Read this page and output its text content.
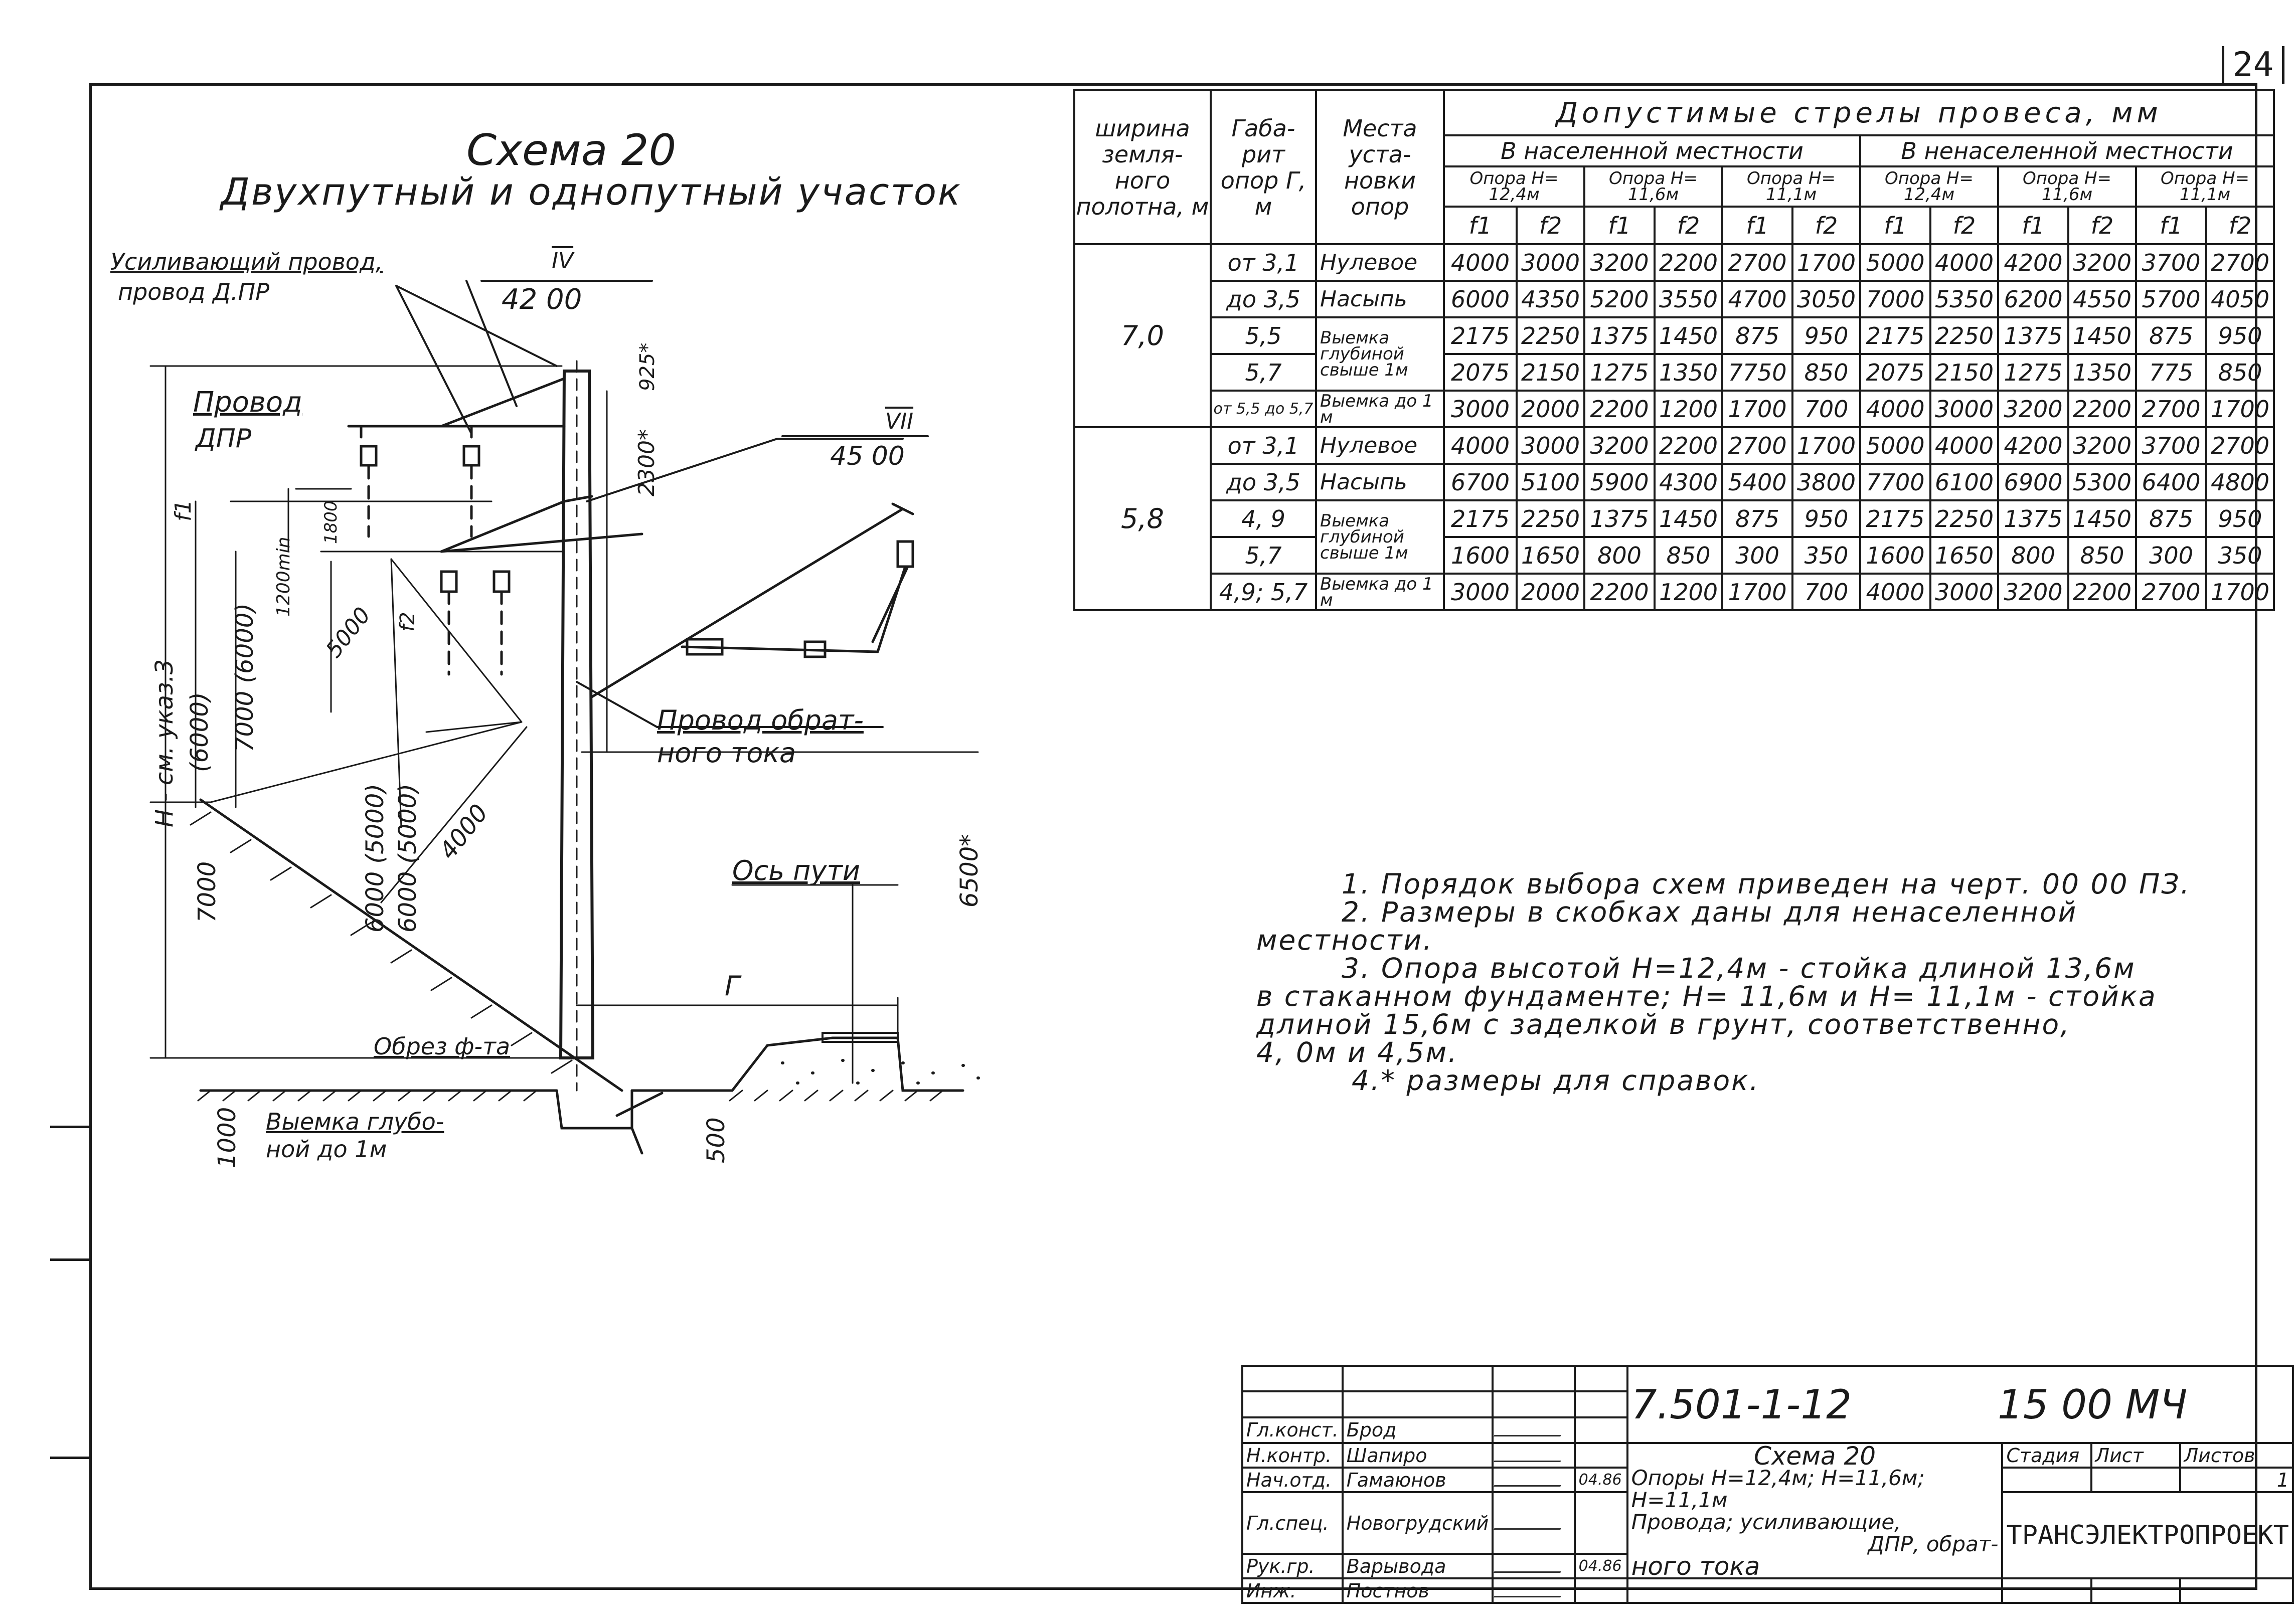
24
Схема 20
Двухпутный и однопутный участок
Усиливающий провод,
провод Д.ПР
$\overline{IV}$
42 00
Провод
ДПР
$\overline{VII}$
45 00
Провод обрат-
ного тока
Ось пути
Г
Обрез ф-та
Выемка глубо-
ной до 1м
925*
2300*
f1	1800
1200min
5000 f2
4000
7000 (6000)
(6000)
H - см. указ.3
7000	6000 (5000) 6000 (5000)	6500*
1000	500
ширина земля-ного полотна, м	Габа-рит опор Г, м	Места уста-новки опор	Допустимые стрелы провеса, мм											
			В населенной местности						В ненаселенной местности					
			Опора H= 12,4м		Опора H= 11,6м		Опора H= 11,1м		Опора H= 12,4м		Опора H= 11,6м		Опора H= 11,1м	
			f1	f2	f1	f2	f1	f2	f1	f2	f1	f2	f1	f2
7,0	от 3,1	Нулевое	4000	3000	3200	2200	2700	1700	5000	4000	4200	3200	3700	2700
	до 3,5	Насыпь	6000	4350	5200	3550	4700	3050	7000	5350	6200	4550	5700	4050
	5,5	Выемка глубиной свыше 1м	2175	2250	1375	1450	875	950	2175	2250	1375	1450	875	950
	5,7		2075	2150	1275	1350	7750	850	2075	2150	1275	1350	775	850
	от 5,5 до 5,7	Выемка до 1 м	3000	2000	2200	1200	1700	700	4000	3000	3200	2200	2700	1700
5,8	от 3,1	Нулевое	4000	3000	3200	2200	2700	1700	5000	4000	4200	3200	3700	2700
	до 3,5	Насыпь	6700	5100	5900	4300	5400	3800	7700	6100	6900	5300	6400	4800
	4, 9	Выемка глубиной свыше 1м	2175	2250	1375	1450	875	950	2175	2250	1375	1450	875	950
	5,7		1600	1650	800	850	300	350	1600	1650	800	850	300	350
	4,9; 5,7	Выемка до 1 м	3000	2000	2200	1200	1700	700	4000	3000	3200	2200	2700	1700

1. Порядок выбора схем приведен на черт. 00 00 ПЗ.

2. Размеры в скобках даны для ненаселенной

местности.

3. Опора высотой H=12,4м - стойка длиной 13,6м

в стаканном фундаменте; H= 11,6м и H= 11,1м - стойка

длиной 15,6м с заделкой в грунт, соответственно,

4, 0м и 4,5м.

4.* размеры для справок.

				7.501-1-12 15 00 МЧ			

Гл.конст.	Брод						
Н.контр.	Шапиро			Схема 20
Опоры H=12,4м; H=11,6м; H=11,1м
Провода; усиливающие,
ДПР, обрат-
ного тока	Стадия	Лист	Листов
Нач.отд.	Гамаюнов		04.86				1
Гл.спец.	Новогрудский				ТРАНСЭЛЕКТРОПРОЕКТ		
Рук.гр.	Варывода		04.86				
Инж.	Постнов						
